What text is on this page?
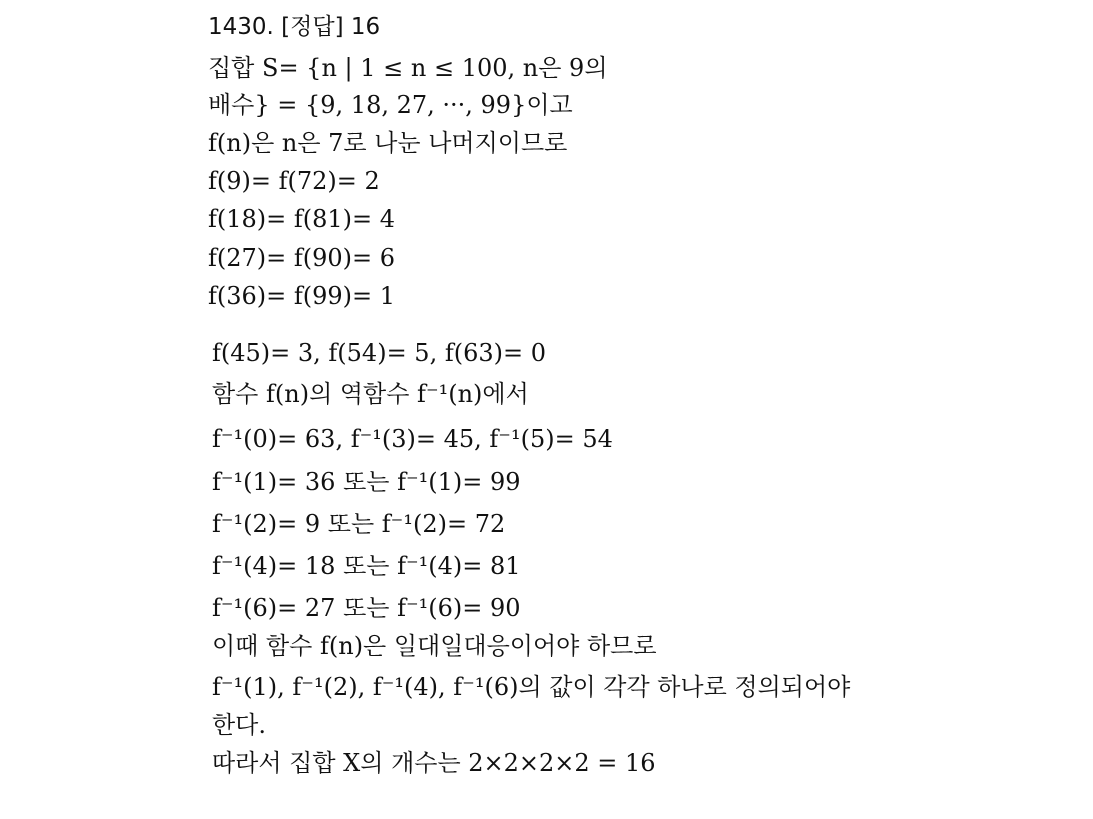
1430. [정답] 16
집합 S= {n | 1 ≤ n ≤ 100, n은 9의
배수} = {9, 18, 27, ···, 99}이고
f(n)은 n은 7로 나눈 나머지이므로
f(9)= f(72)= 2
f(18)= f(81)= 4
f(27)= f(90)= 6
f(36)= f(99)= 1
f(45)= 3, f(54)= 5, f(63)= 0
함수 f(n)의 역함수 f⁻¹(n)에서
f⁻¹(0)= 63, f⁻¹(3)= 45, f⁻¹(5)= 54
f⁻¹(1)= 36 또는 f⁻¹(1)= 99
f⁻¹(2)= 9 또는 f⁻¹(2)= 72
f⁻¹(4)= 18 또는 f⁻¹(4)= 81
f⁻¹(6)= 27 또는 f⁻¹(6)= 90
이때 함수 f(n)은 일대일대응이어야 하므로
f⁻¹(1), f⁻¹(2), f⁻¹(4), f⁻¹(6)의 값이 각각 하나로 정의되어야
한다.
따라서 집합 X의 개수는 2×2×2×2 = 16
